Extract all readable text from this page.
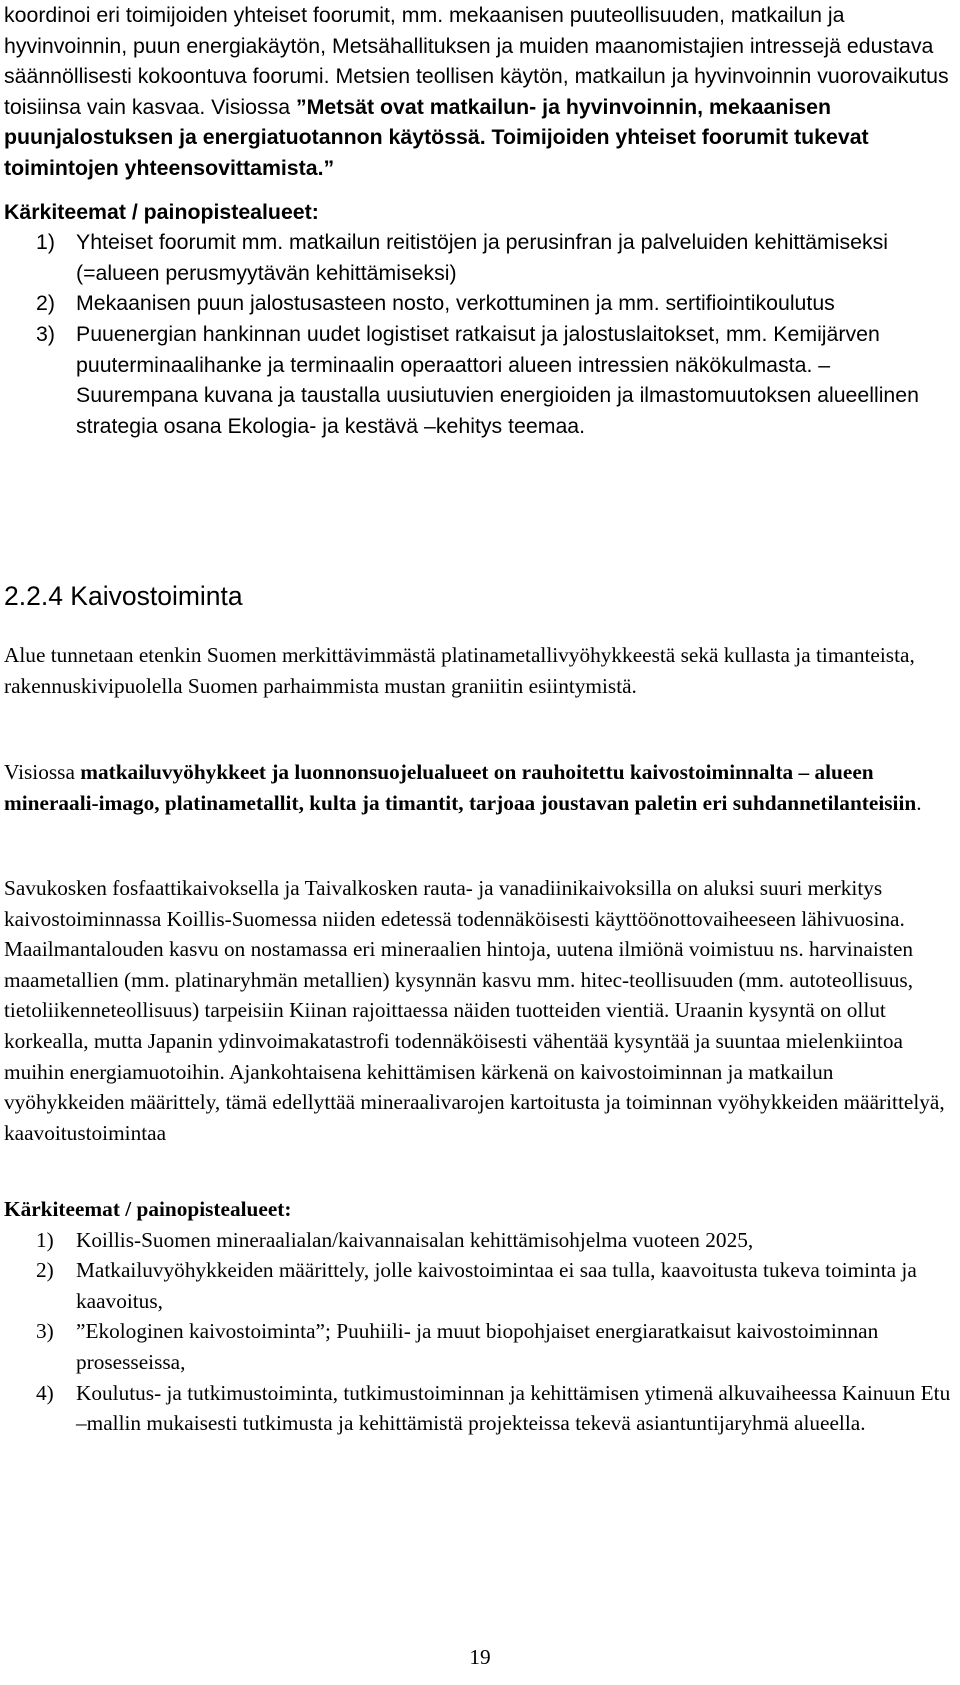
koordinoi eri toimijoiden yhteiset foorumit, mm. mekaanisen puuteollisuuden, matkailun ja hyvinvoinnin, puun energiakäytön, Metsähallituksen ja muiden maanomistajien intressejä edustava säännöllisesti kokoontuva foorumi. Metsien teollisen käytön, matkailun ja hyvinvoinnin vuorovaikutus toisiinsa vain kasvaa. Visiossa ”Metsät ovat matkailun- ja hyvinvoinnin, mekaanisen puunjalostuksen ja energiatuotannon käytössä. Toimijoiden yhteiset foorumit tukevat toimintojen yhteensovittamista.”

Kärkiteemat / painopistealueet:

1) Yhteiset foorumit mm. matkailun reitistöjen ja perusinfran ja palveluiden kehittämiseksi (=alueen perusmyytävän kehittämiseksi)
2) Mekaanisen puun jalostusasteen nosto, verkottuminen ja mm. sertifiointikoulutus
3) Puuenergian hankinnan uudet logistiset ratkaisut ja jalostuslaitokset, mm. Kemijärven puuterminaalihanke ja terminaalin operaattori alueen intressien näkökulmasta. – Suurempana kuvana ja taustalla uusiutuvien energioiden ja ilmastomuutoksen alueellinen strategia osana Ekologia- ja kestävä –kehitys teemaa.
2.2.4 Kaivostoiminta

Alue tunnetaan etenkin Suomen merkittävimmästä platinametallivyöhykkeestä sekä kullasta ja timanteista, rakennuskivipuolella Suomen parhaimmista mustan graniitin esiintymistä.

Visiossa matkailuvyöhykkeet ja luonnonsuojelualueet on rauhoitettu kaivostoiminnalta – alueen mineraali-imago, platinametallit, kulta ja timantit, tarjoaa joustavan paletin eri suhdannetilanteisiin.

Savukosken fosfaattikaivoksella ja Taivalkosken rauta- ja vanadiinikaivoksilla on aluksi suuri merkitys kaivostoiminnassa Koillis-Suomessa niiden edetessä todennäköisesti käyttöönottovaiheeseen lähivuosina. Maailmantalouden kasvu on nostamassa eri mineraalien hintoja, uutena ilmiönä voimistuu ns. harvinaisten maametallien (mm. platinaryhmän metallien) kysynnän kasvu mm. hitec-teollisuuden (mm. autoteollisuus, tietoliikenneteollisuus) tarpeisiin Kiinan rajoittaessa näiden tuotteiden vientiä. Uraanin kysyntä on ollut korkealla, mutta Japanin ydinvoimakatastrofi todennäköisesti vähentää kysyntää ja suuntaa mielenkiintoa muihin energiamuotoihin. Ajankohtaisena kehittämisen kärkenä on kaivostoiminnan ja matkailun vyöhykkeiden määrittely, tämä edellyttää mineraalivarojen kartoitusta ja toiminnan vyöhykkeiden määrittelyä, kaavoitustoimintaa

Kärkiteemat / painopistealueet:

1) Koillis-Suomen mineraalialan/kaivannaisalan kehittämisohjelma vuoteen 2025,
2) Matkailuvyöhykkeiden määrittely, jolle kaivostoimintaa ei saa tulla, kaavoitusta tukeva toiminta ja kaavoitus,
3) ”Ekologinen kaivostoiminta”; Puuhiili- ja muut biopohjaiset energiaratkaisut kaivostoiminnan prosesseissa,
4) Koulutus- ja tutkimustoiminta, tutkimustoiminnan ja kehittämisen ytimenä alkuvaiheessa Kainuun Etu –mallin mukaisesti tutkimusta ja kehittämistä projekteissa tekevä asiantuntijaryhmä alueella.
19
